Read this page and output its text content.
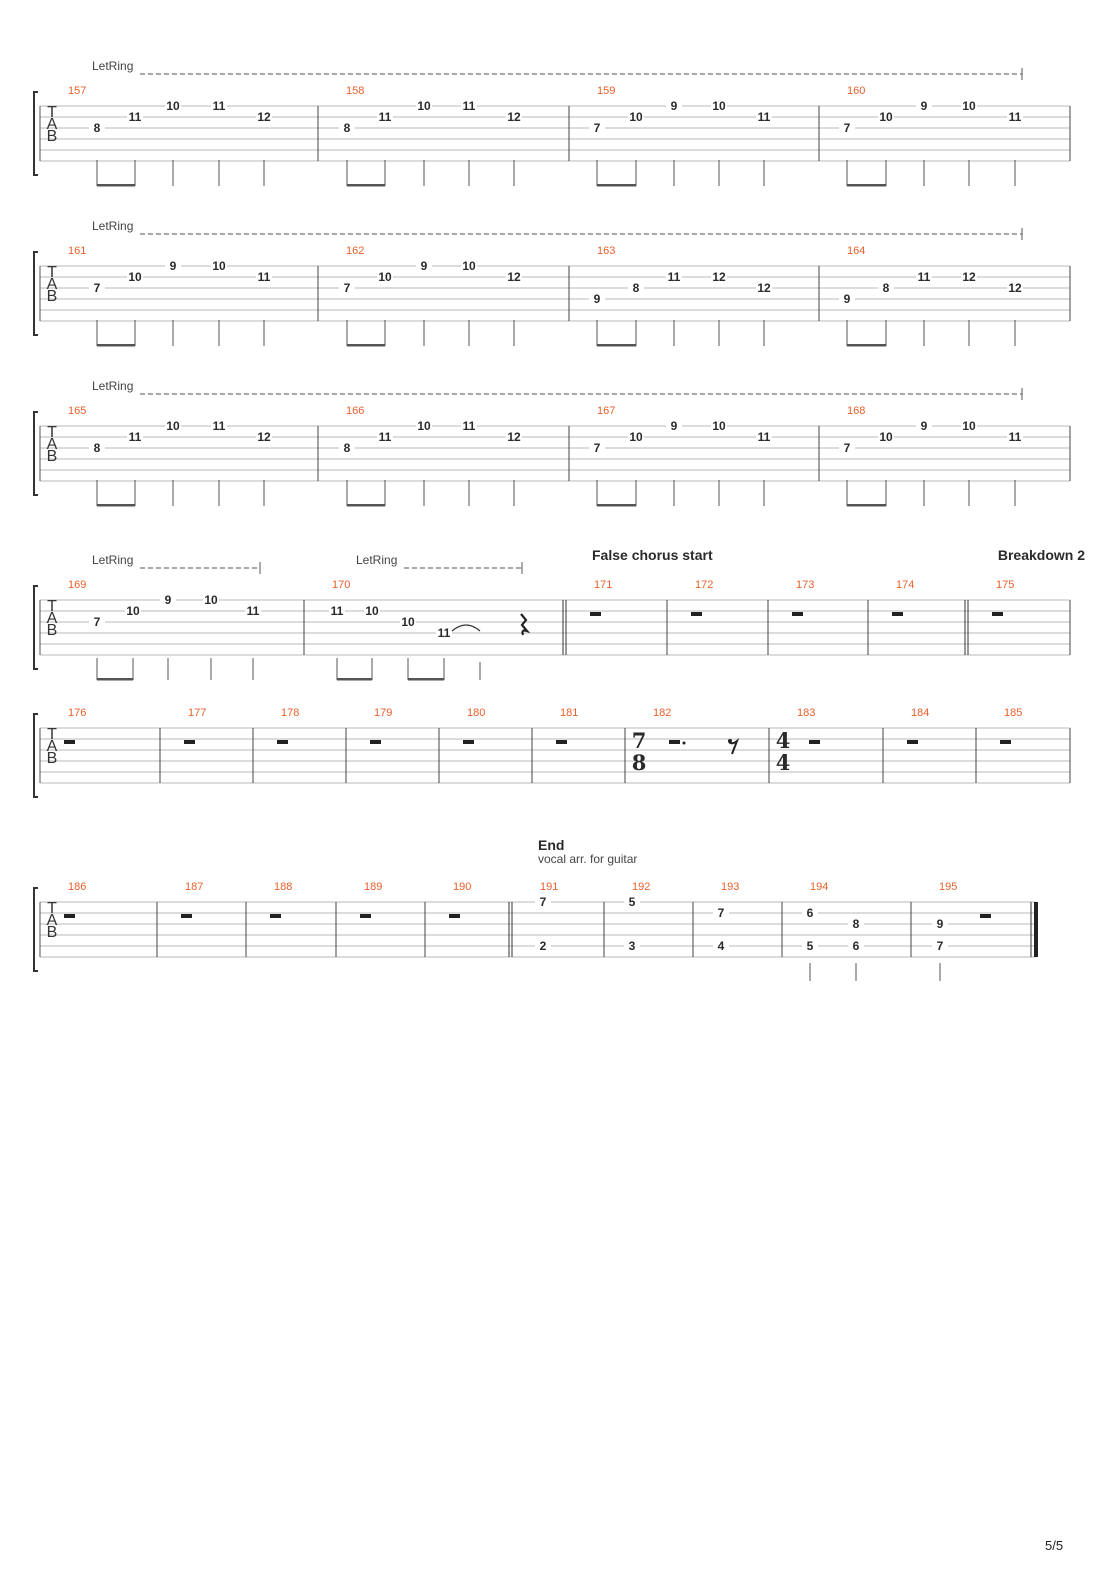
T
A
B
LetRing
157
8
11
10	11
12
158
8
11
10	11
12
159
7
10
9	10
11
160
7
10
9	10
11
T
A
B
LetRing
161
7
10
9	10
11
162
7
10
9	10
12
163
9
8
11	12
12
164
9
8
11	12
12
T
A
B
LetRing
165
8
11
10	11
12
166
8
11
10	11
12
167
7
10
9	10
11
168
7
10
9	10
11
T
A
B
LetRing	LetRing	False chorus start	Breakdown 2
169
7
10
9	10
11
170
11 10
10
11
171	172	173	174	175
T
A
B
176	177	178	179	180	181	182
7
8
183
4
4
184	185
T
A
B
End
vocal arr. for guitar
186	187	188	189	190	191
7
2
192
5
3
193
7
4
194
6
5
8
6
195
9
7
5/5
